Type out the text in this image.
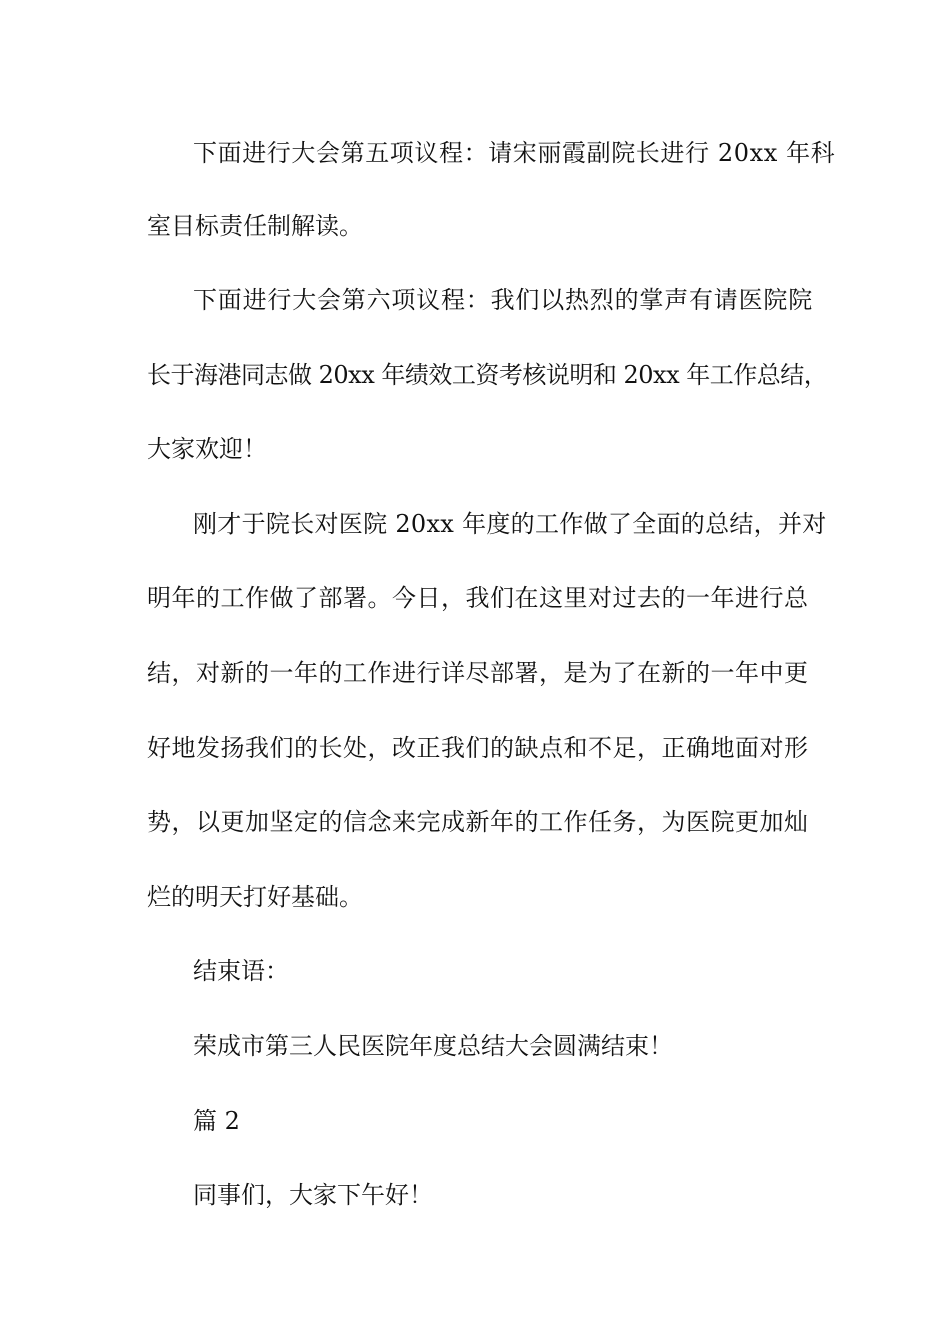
下面进行大会第五项议程：请宋丽霞副院长进行 20xx 年科
室目标责任制解读。
下面进行大会第六项议程：我们以热烈的掌声有请医院院
长于海港同志做 20xx 年绩效工资考核说明和 20xx 年工作总结，
大家欢迎！
刚才于院长对医院 20xx 年度的工作做了全面的总结，并对
明年的工作做了部署。今日，我们在这里对过去的一年进行总
结，对新的一年的工作进行详尽部署，是为了在新的一年中更
好地发扬我们的长处，改正我们的缺点和不足，正确地面对形
势，以更加坚定的信念来完成新年的工作任务，为医院更加灿
烂的明天打好基础。
结束语：
荣成市第三人民医院年度总结大会圆满结束！
篇 2
同事们，大家下午好！
